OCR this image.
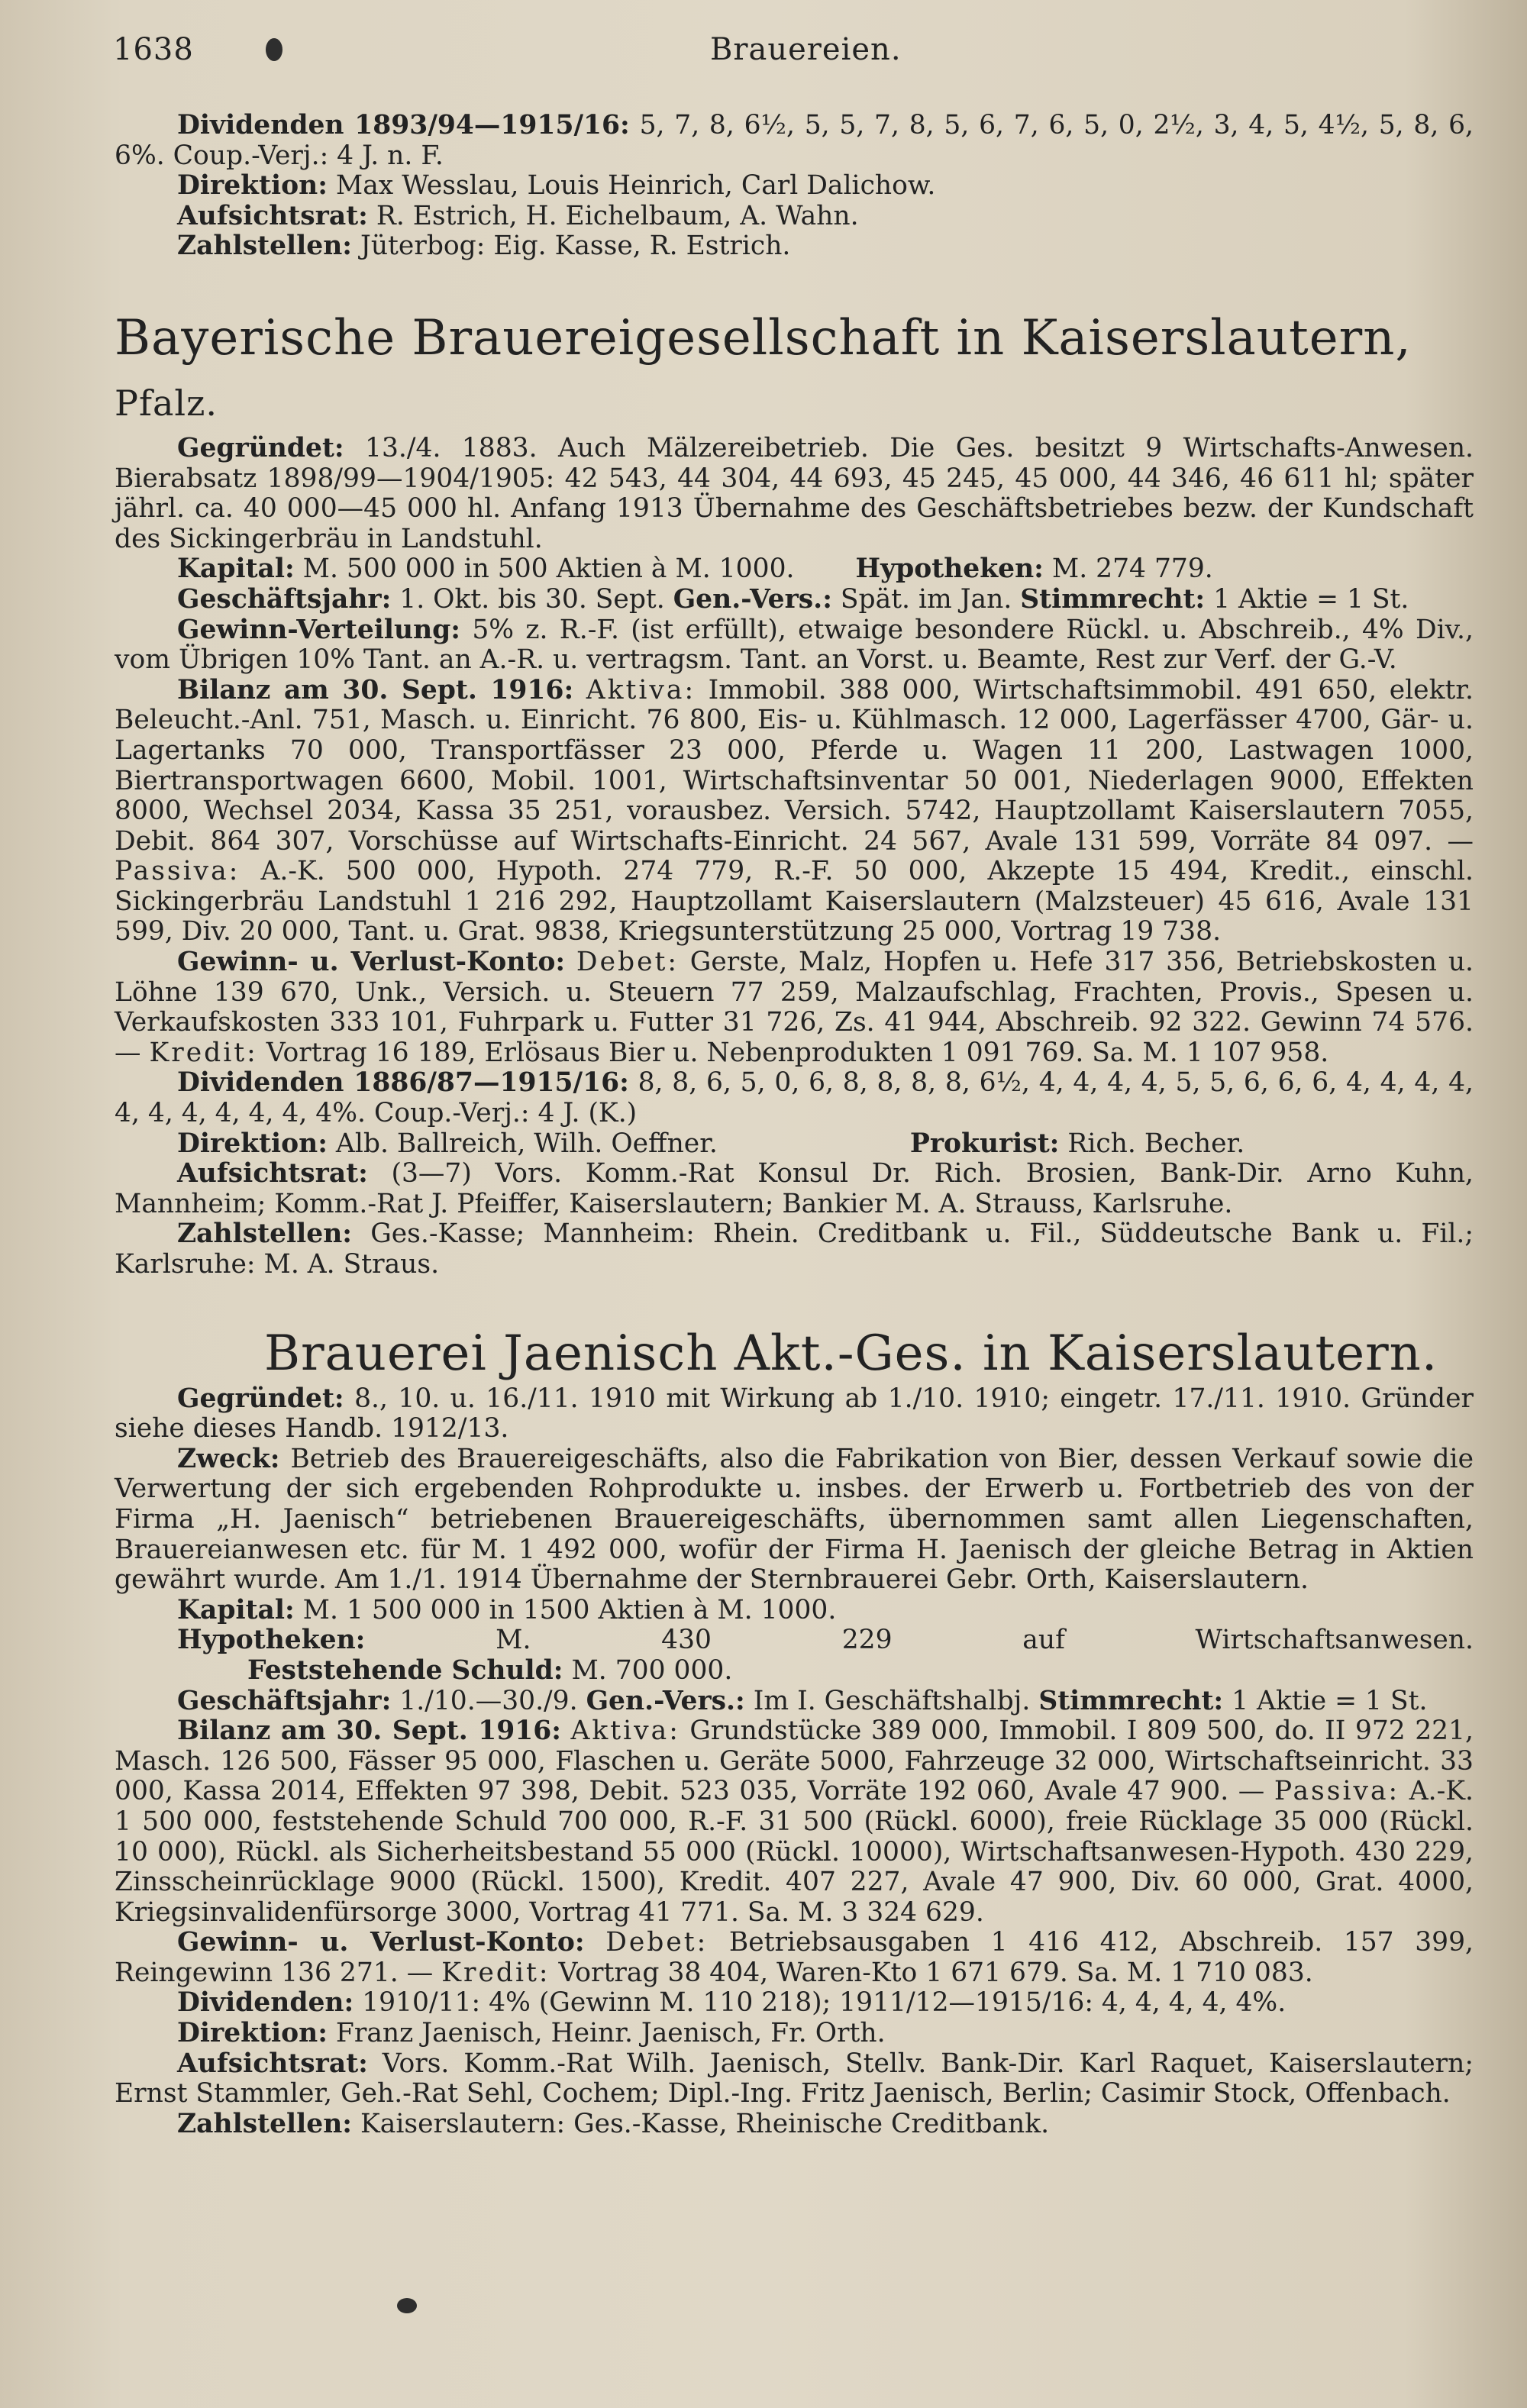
1638	Brauereien.

Dividenden 1893/94—1915/16: 5, 7, 8, 6½, 5, 5, 7, 8, 5, 6, 7, 6, 5, 0, 2½, 3, 4, 5, 4½, 5, 8, 6, 6%. Coup.-Verj.: 4 J. n. F.

Direktion: Max Wesslau, Louis Heinrich, Carl Dalichow.

Aufsichtsrat: R. Estrich, H. Eichelbaum, A. Wahn.

Zahlstellen: Jüterbog: Eig. Kasse, R. Estrich.

Bayerische Brauereigesellschaft in Kaiserslautern, Pfalz.

Gegründet: 13./4. 1883. Auch Mälzereibetrieb. Die Ges. besitzt 9 Wirtschafts-Anwesen. Bierabsatz 1898/99—1904/1905: 42 543, 44 304, 44 693, 45 245, 45 000, 44 346, 46 611 hl; später jährl. ca. 40 000—45 000 hl. Anfang 1913 Übernahme des Geschäftsbetriebes bezw. der Kundschaft des Sickingerbräu in Landstuhl.

Kapital: M. 500 000 in 500 Aktien à M. 1000. Hypotheken: M. 274 779.

Geschäftsjahr: 1. Okt. bis 30. Sept. Gen.-Vers.: Spät. im Jan. Stimmrecht: 1 Aktie = 1 St.

Gewinn-Verteilung: 5% z. R.-F. (ist erfüllt), etwaige besondere Rückl. u. Abschreib., 4% Div., vom Übrigen 10% Tant. an A.-R. u. vertragsm. Tant. an Vorst. u. Beamte, Rest zur Verf. der G.-V.

Bilanz am 30. Sept. 1916: Aktiva: Immobil. 388 000, Wirtschaftsimmobil. 491 650, elektr. Beleucht.-Anl. 751, Masch. u. Einricht. 76 800, Eis- u. Kühlmasch. 12 000, Lagerfässer 4700, Gär- u. Lagertanks 70 000, Transportfässer 23 000, Pferde u. Wagen 11 200, Lastwagen 1000, Biertransportwagen 6600, Mobil. 1001, Wirtschaftsinventar 50 001, Niederlagen 9000, Effekten 8000, Wechsel 2034, Kassa 35 251, vorausbez. Versich. 5742, Hauptzollamt Kaiserslautern 7055, Debit. 864 307, Vorschüsse auf Wirtschafts-Einricht. 24 567, Avale 131 599, Vorräte 84 097. — Passiva: A.-K. 500 000, Hypoth. 274 779, R.-F. 50 000, Akzepte 15 494, Kredit., einschl. Sickingerbräu Landstuhl 1 216 292, Hauptzollamt Kaiserslautern (Malzsteuer) 45 616, Avale 131 599, Div. 20 000, Tant. u. Grat. 9838, Kriegsunterstützung 25 000, Vortrag 19 738.

Gewinn- u. Verlust-Konto: Debet: Gerste, Malz, Hopfen u. Hefe 317 356, Betriebskosten u. Löhne 139 670, Unk., Versich. u. Steuern 77 259, Malzaufschlag, Frachten, Provis., Spesen u. Verkaufskosten 333 101, Fuhrpark u. Futter 31 726, Zs. 41 944, Abschreib. 92 322. Gewinn 74 576. — Kredit: Vortrag 16 189, Erlösaus Bier u. Nebenprodukten 1 091 769. Sa. M. 1 107 958.

Dividenden 1886/87—1915/16: 8, 8, 6, 5, 0, 6, 8, 8, 8, 8, 6½, 4, 4, 4, 4, 5, 5, 6, 6, 6, 4, 4, 4, 4, 4, 4, 4, 4, 4, 4, 4%. Coup.-Verj.: 4 J. (K.)

Direktion: Alb. Ballreich, Wilh. Oeffner.	Prokurist: Rich. Becher.

Aufsichtsrat: (3—7) Vors. Komm.-Rat Konsul Dr. Rich. Brosien, Bank-Dir. Arno Kuhn, Mannheim; Komm.-Rat J. Pfeiffer, Kaiserslautern; Bankier M. A. Strauss, Karlsruhe.

Zahlstellen: Ges.-Kasse; Mannheim: Rhein. Creditbank u. Fil., Süddeutsche Bank u. Fil.; Karlsruhe: M. A. Straus.

Brauerei Jaenisch Akt.-Ges. in Kaiserslautern.

Gegründet: 8., 10. u. 16./11. 1910 mit Wirkung ab 1./10. 1910; eingetr. 17./11. 1910. Gründer siehe dieses Handb. 1912/13.

Zweck: Betrieb des Brauereigeschäfts, also die Fabrikation von Bier, dessen Verkauf sowie die Verwertung der sich ergebenden Rohprodukte u. insbes. der Erwerb u. Fortbetrieb des von der Firma „H. Jaenisch“ betriebenen Brauereigeschäfts, übernommen samt allen Liegenschaften, Brauereianwesen etc. für M. 1 492 000, wofür der Firma H. Jaenisch der gleiche Betrag in Aktien gewährt wurde. Am 1./1. 1914 Übernahme der Sternbrauerei Gebr. Orth, Kaiserslautern.

Kapital: M. 1 500 000 in 1500 Aktien à M. 1000.

Hypotheken:	M. 430 229 auf Wirtschaftsanwesen.Feststehende Schuld: M. 700 000.

Geschäftsjahr: 1./10.—30./9. Gen.-Vers.: Im I. Geschäftshalbj. Stimmrecht: 1 Aktie = 1 St.

Bilanz am 30. Sept. 1916: Aktiva: Grundstücke 389 000, Immobil. I 809 500, do. II 972 221, Masch. 126 500, Fässer 95 000, Flaschen u. Geräte 5000, Fahrzeuge 32 000, Wirtschaftseinricht. 33 000, Kassa 2014, Effekten 97 398, Debit. 523 035, Vorräte 192 060, Avale 47 900. — Passiva: A.-K. 1 500 000, feststehende Schuld 700 000, R.-F. 31 500 (Rückl. 6000), freie Rücklage 35 000 (Rückl. 10 000), Rückl. als Sicherheitsbestand 55 000 (Rückl. 10000), Wirtschaftsanwesen-Hypoth. 430 229, Zinsscheinrücklage 9000 (Rückl. 1500), Kredit. 407 227, Avale 47 900, Div. 60 000, Grat. 4000, Kriegsinvalidenfürsorge 3000, Vortrag 41 771. Sa. M. 3 324 629.

Gewinn- u. Verlust-Konto: Debet: Betriebsausgaben 1 416 412, Abschreib. 157 399, Reingewinn 136 271. — Kredit: Vortrag 38 404, Waren-Kto 1 671 679. Sa. M. 1 710 083.

Dividenden: 1910/11: 4% (Gewinn M. 110 218); 1911/12—1915/16: 4, 4, 4, 4, 4%.

Direktion: Franz Jaenisch, Heinr. Jaenisch, Fr. Orth.

Aufsichtsrat: Vors. Komm.-Rat Wilh. Jaenisch, Stellv. Bank-Dir. Karl Raquet, Kaiserslautern; Ernst Stammler, Geh.-Rat Sehl, Cochem; Dipl.-Ing. Fritz Jaenisch, Berlin; Casimir Stock, Offenbach.

Zahlstellen: Kaiserslautern: Ges.-Kasse, Rheinische Creditbank.
